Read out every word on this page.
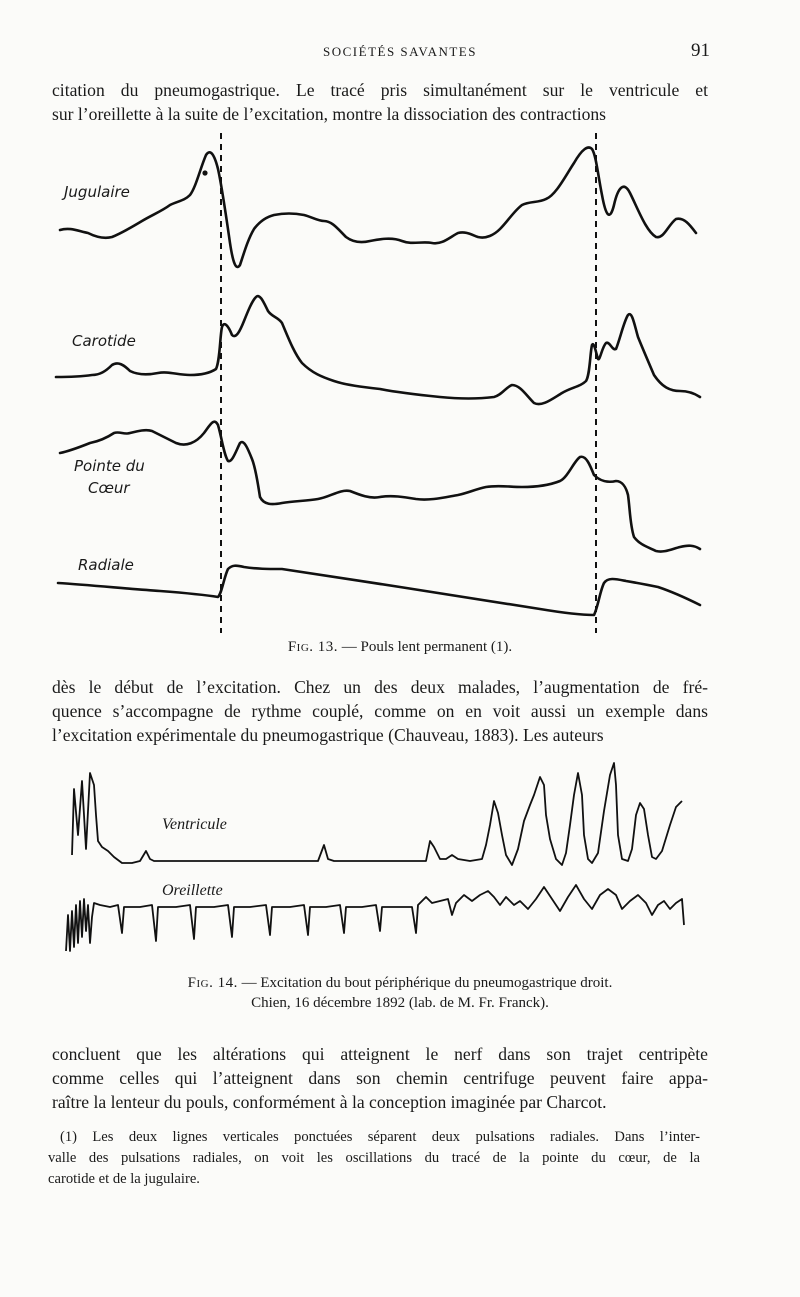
SOCIÉTÉS SAVANTES	91

citation du pneumogastrique. Le tracé pris simultanément sur le ventricule et
sur l’oreillette à la suite de l’excitation, montre la dissociation des contractions

Jugulaire
Carotide
Pointe du
Cœur
Radiale
Fig. 13. — Pouls lent permanent (1).

dès le début de l’excitation. Chez un des deux malades, l’augmentation de fré-
quence s’accompagne de rythme couplé, comme on en voit aussi un exemple dans
l’excitation expérimentale du pneumogastrique (Chauveau, 1883). Les auteurs

Ventricule
Oreillette
Fig. 14. — Excitation du bout périphérique du pneumogastrique droit.
Chien, 16 décembre 1892 (lab. de M. Fr. Franck).

concluent que les altérations qui atteignent le nerf dans son trajet centripète
comme celles qui l’atteignent dans son chemin centrifuge peuvent faire appa-
raître la lenteur du pouls, conformément à la conception imaginée par Charcot.

(1) Les deux lignes verticales ponctuées séparent deux pulsations radiales. Dans l’inter-
valle des pulsations radiales, on voit les oscillations du tracé de la pointe du cœur, de la
carotide et de la jugulaire.
